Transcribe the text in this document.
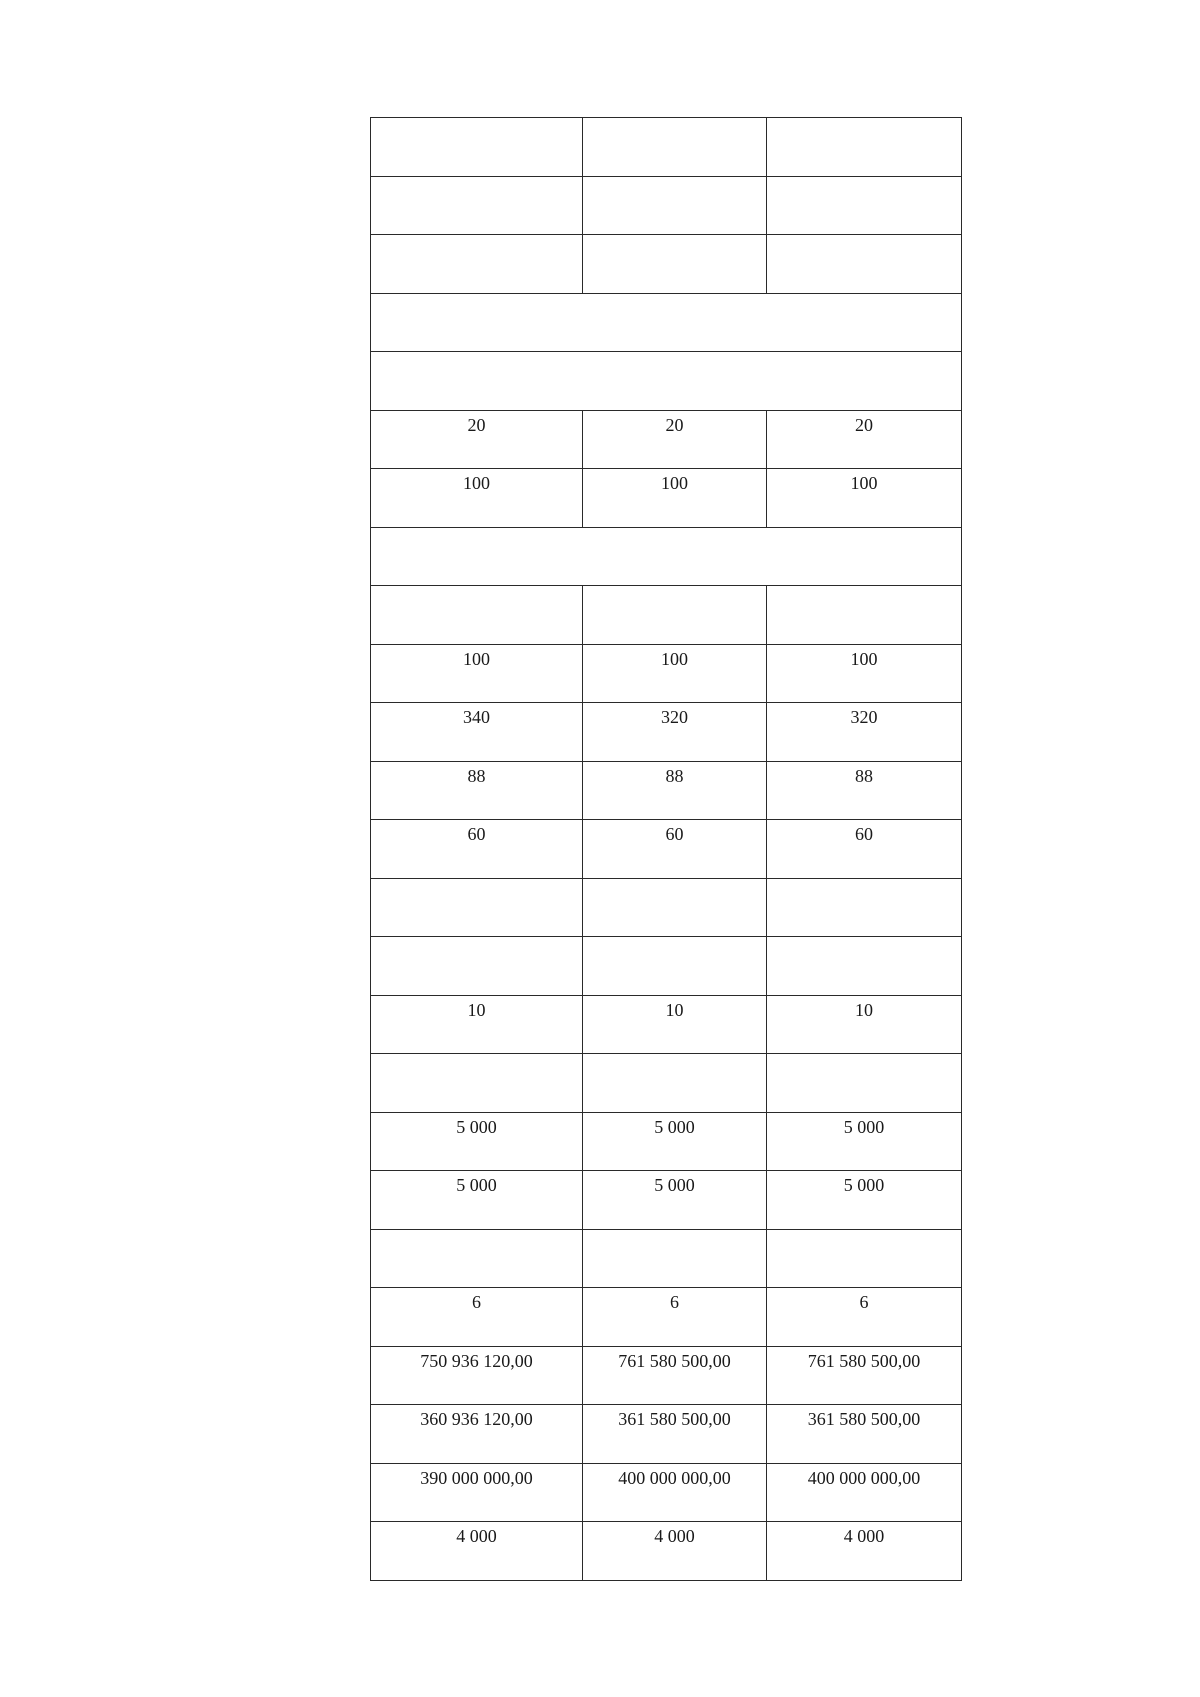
20	20	20

100	100	100

100	100	100

340	320	320

88	88	88

60	60	60

10	10	10

5 000	5 000	5 000

5 000	5 000	5 000

6	6	6

750 936 120,00	761 580 500,00	761 580 500,00

360 936 120,00	361 580 500,00	361 580 500,00

390 000 000,00	400 000 000,00	400 000 000,00

4 000	4 000	4 000
